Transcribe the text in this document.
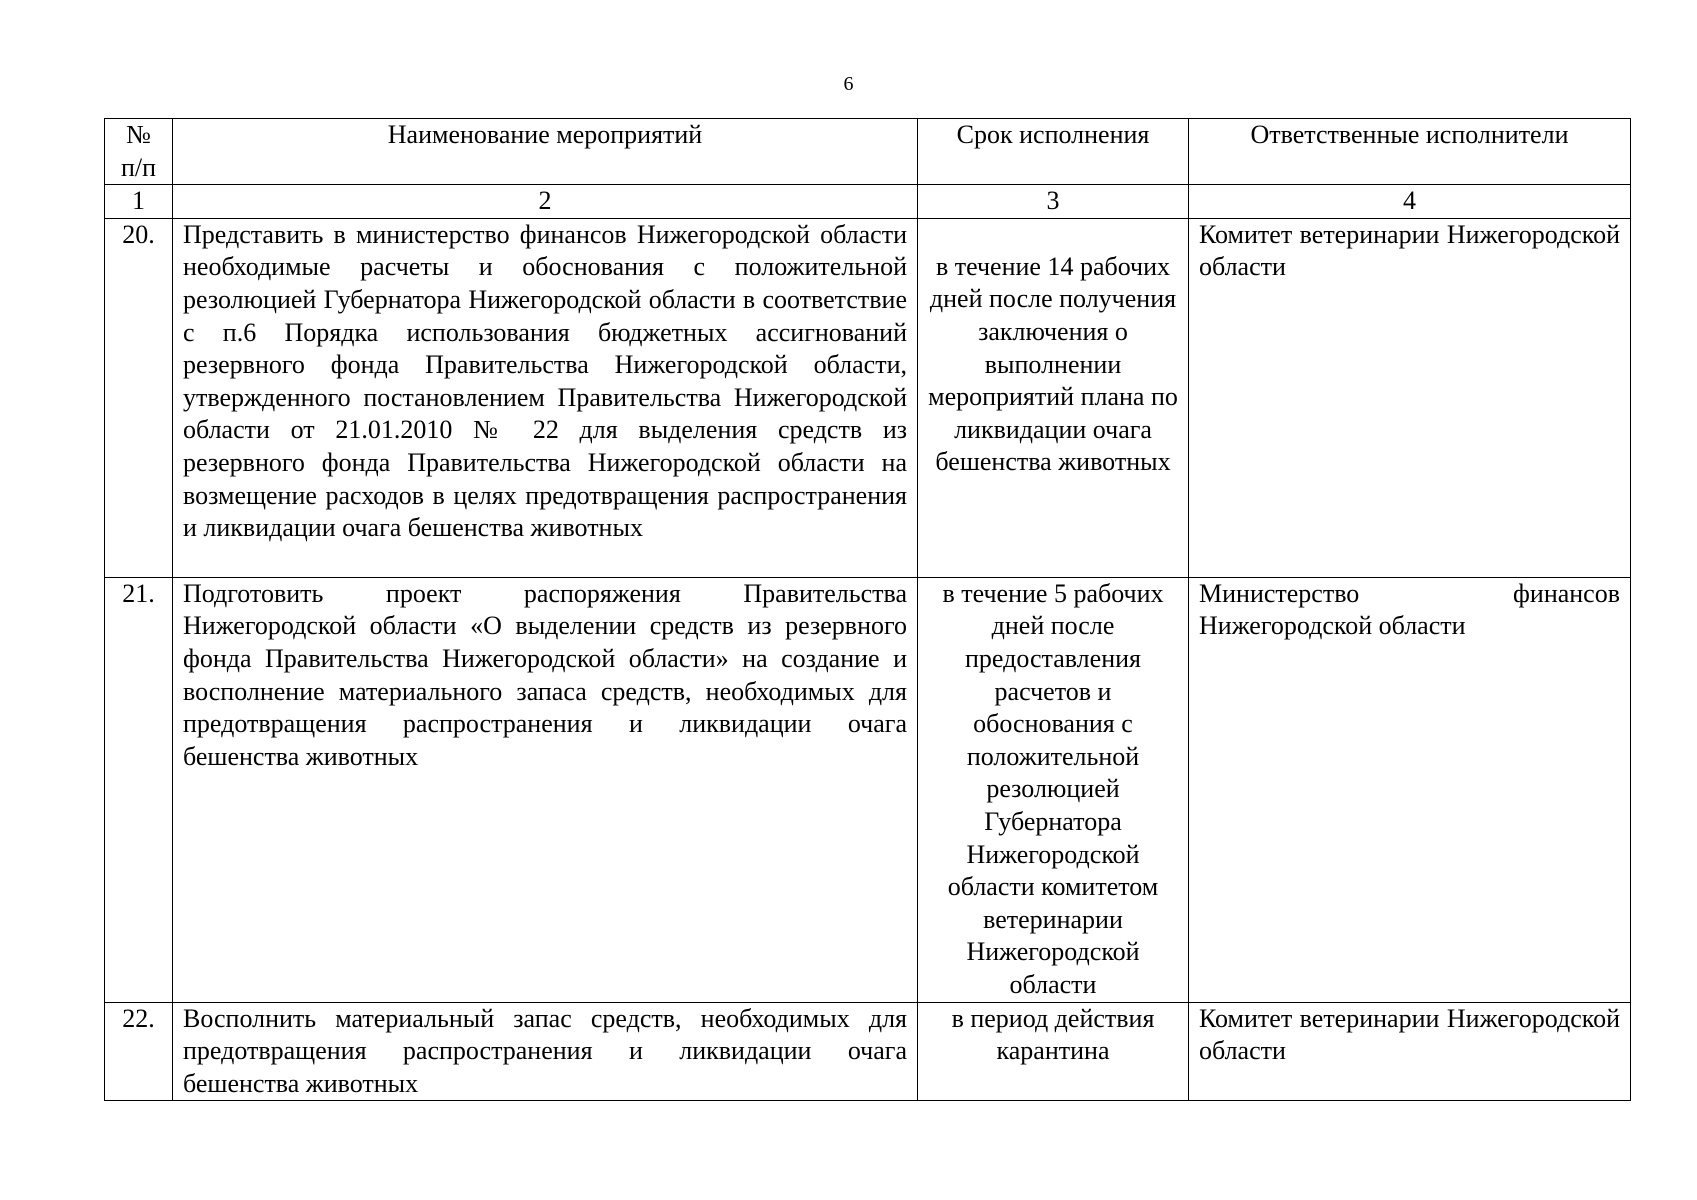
6
№ п/п	Наименование мероприятий	Срок исполнения	Ответственные исполнители
1	2	3	4
20.	Представить в министерство финансов Нижегородской области необходимые расчеты и обоснования с положительной резолюцией Губернатора Нижегородской области в соответствие с п.6 Порядка использования бюджетных ассигнований резервного фонда Правительства Нижегородской области, утвержденного постановлением Правительства Нижегородской области от 21.01.2010 № 22 для выделения средств из резервного фонда Правительства Нижегородской области на возмещение расходов в целях предотвращения распространения и ликвидации очага бешенства животных	в течение 14 рабочих дней после получения заключения о выполнении мероприятий плана по ликвидации очага бешенства животных	Комитет ветеринарии Нижегородской области
21.	Подготовить проект распоряжения Правительства Нижегородской области «О выделении средств из резервного фонда Правительства Нижегородской области» на создание и восполнение материального запаса средств, необходимых для предотвращения распространения и ликвидации очага бешенства животных	в течение 5 рабочих дней после предоставления расчетов и обоснования с положительной резолюцией Губернатора Нижегородской области комитетом ветеринарии Нижегородской области	Министерство финансов Нижегородской области
22.	Восполнить материальный запас средств, необходимых для предотвращения распространения и ликвидации очага бешенства животных	в период действия карантина	Комитет ветеринарии Нижегородской области
